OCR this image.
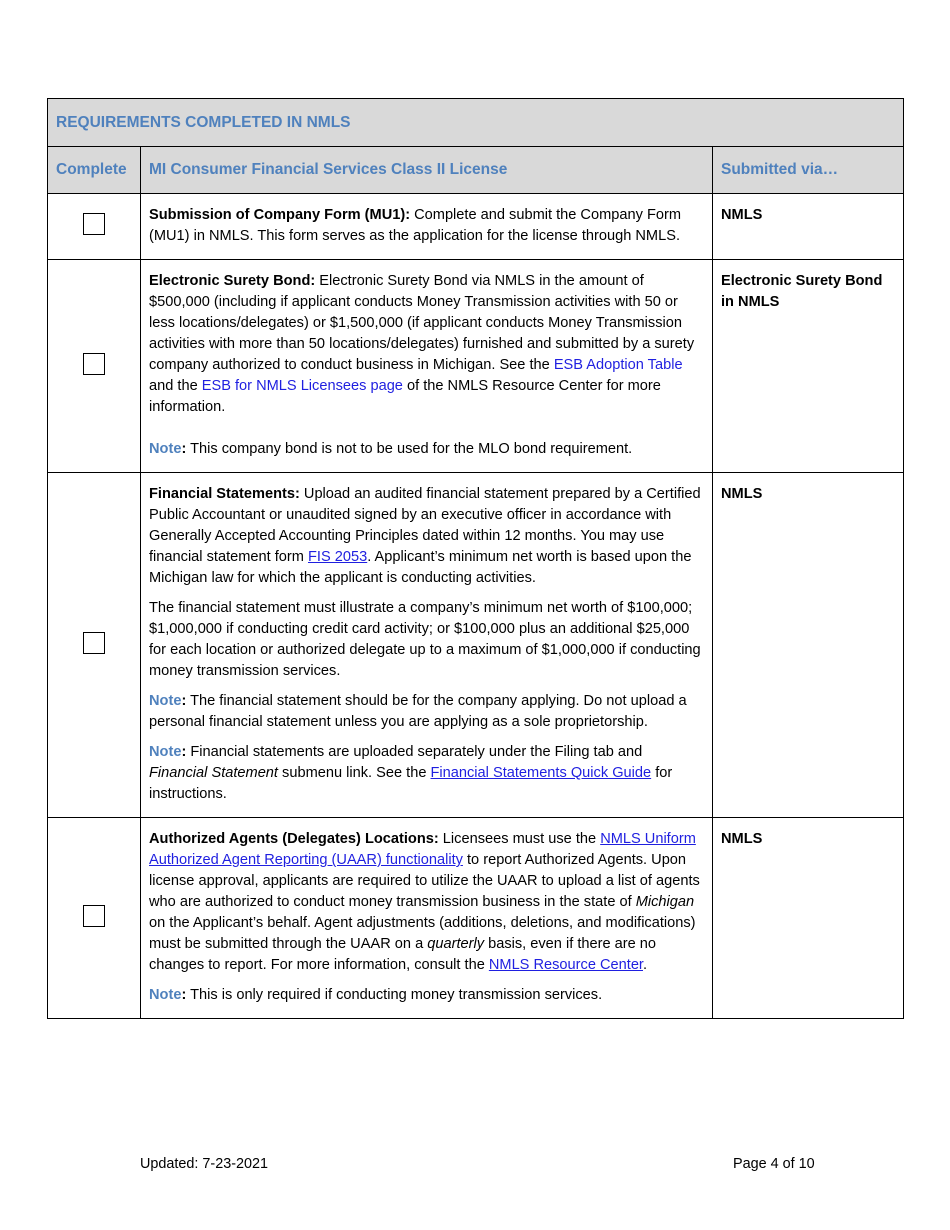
REQUIREMENTS COMPLETED IN NMLS		
Complete	MI Consumer Financial Services Class II License	Submitted via…

	Submission of Company Form (MU1): Complete and submit the Company Form (MU1) in NMLS. This form serves as the application for the license through NMLS.	NMLS

	Electronic Surety Bond: Electronic Surety Bond via NMLS in the amount of $500,000 (including if applicant conducts Money Transmission activities with 50 or less locations/delegates) or $1,500,000 (if applicant conducts Money Transmission activities with more than 50 locations/delegates) furnished and submitted by a surety company authorized to conduct business in Michigan. See the ESB Adoption Table and the ESB for NMLS Licensees page of the NMLS Resource Center for more information.

Note: This company bond is not to be used for the MLO bond requirement.	Electronic Surety Bond in NMLS

	Financial Statements: Upload an audited financial statement prepared by a Certified Public Accountant or unaudited signed by an executive officer in accordance with Generally Accepted Accounting Principles dated within 12 months. You may use financial statement form FIS 2053. Applicant’s minimum net worth is based upon the Michigan law for which the applicant is conducting activities.

The financial statement must illustrate a company’s minimum net worth of $100,000; $1,000,000 if conducting credit card activity; or $100,000 plus an additional $25,000 for each location or authorized delegate up to a maximum of $1,000,000 if conducting money transmission services.

Note: The financial statement should be for the company applying. Do not upload a personal financial statement unless you are applying as a sole proprietorship.

Note: Financial statements are uploaded separately under the Filing tab and Financial Statement submenu link. See the Financial Statements Quick Guide for instructions.	NMLS

	Authorized Agents (Delegates) Locations: Licensees must use the NMLS Uniform Authorized Agent Reporting (UAAR) functionality to report Authorized Agents. Upon license approval, applicants are required to utilize the UAAR to upload a list of agents who are authorized to conduct money transmission business in the state of Michigan on the Applicant’s behalf. Agent adjustments (additions, deletions, and modifications) must be submitted through the UAAR on a quarterly basis, even if there are no changes to report. For more information, consult the NMLS Resource Center.

Note: This is only required if conducting money transmission services.	NMLS
Updated: 7-23-2021	Page 4 of 10
